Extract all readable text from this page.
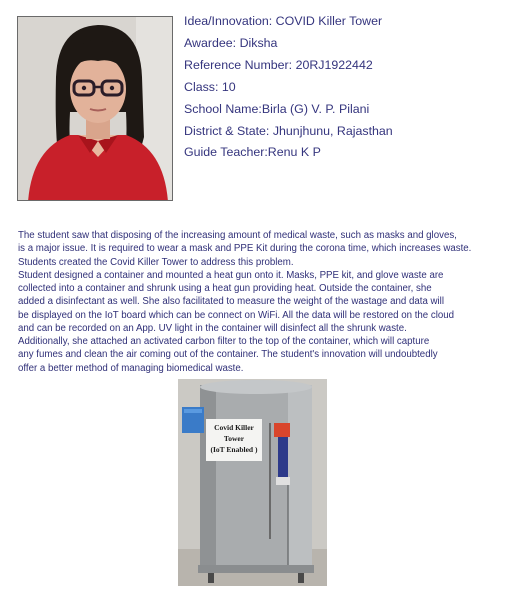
Idea/Innovation: COVID Killer Tower
Awardee: Diksha
Reference Number: 20RJ1922442
Class: 10
School Name:Birla (G) V. P. Pilani
District & State: Jhunjhunu, Rajasthan
Guide Teacher:Renu K P
The student saw that disposing of the increasing amount of medical waste, such as masks and gloves,
is a major issue. It is required to wear a mask and PPE Kit during the corona time, which increases waste.
Students created the Covid Killer Tower to address this problem.
Student designed a container and mounted a heat gun onto it. Masks, PPE kit, and glove waste are
collected into a container and shrunk using a heat gun providing heat. Outside the container, she
added a disinfectant as well. She also facilitated to measure the weight of the wastage and data will
be displayed on the IoT board which can be connect on WiFi. All the data will be restored on the cloud
and can be recorded on an App. UV light in the container will disinfect all the shrunk waste.
Additionally, she attached an activated carbon filter to the top of the container, which will capture
any fumes and clean the air coming out of the container. The student's innovation will undoubtedly
offer a better method of managing biomedical waste.
Covid Killer
Tower
(IoT Enabled )
